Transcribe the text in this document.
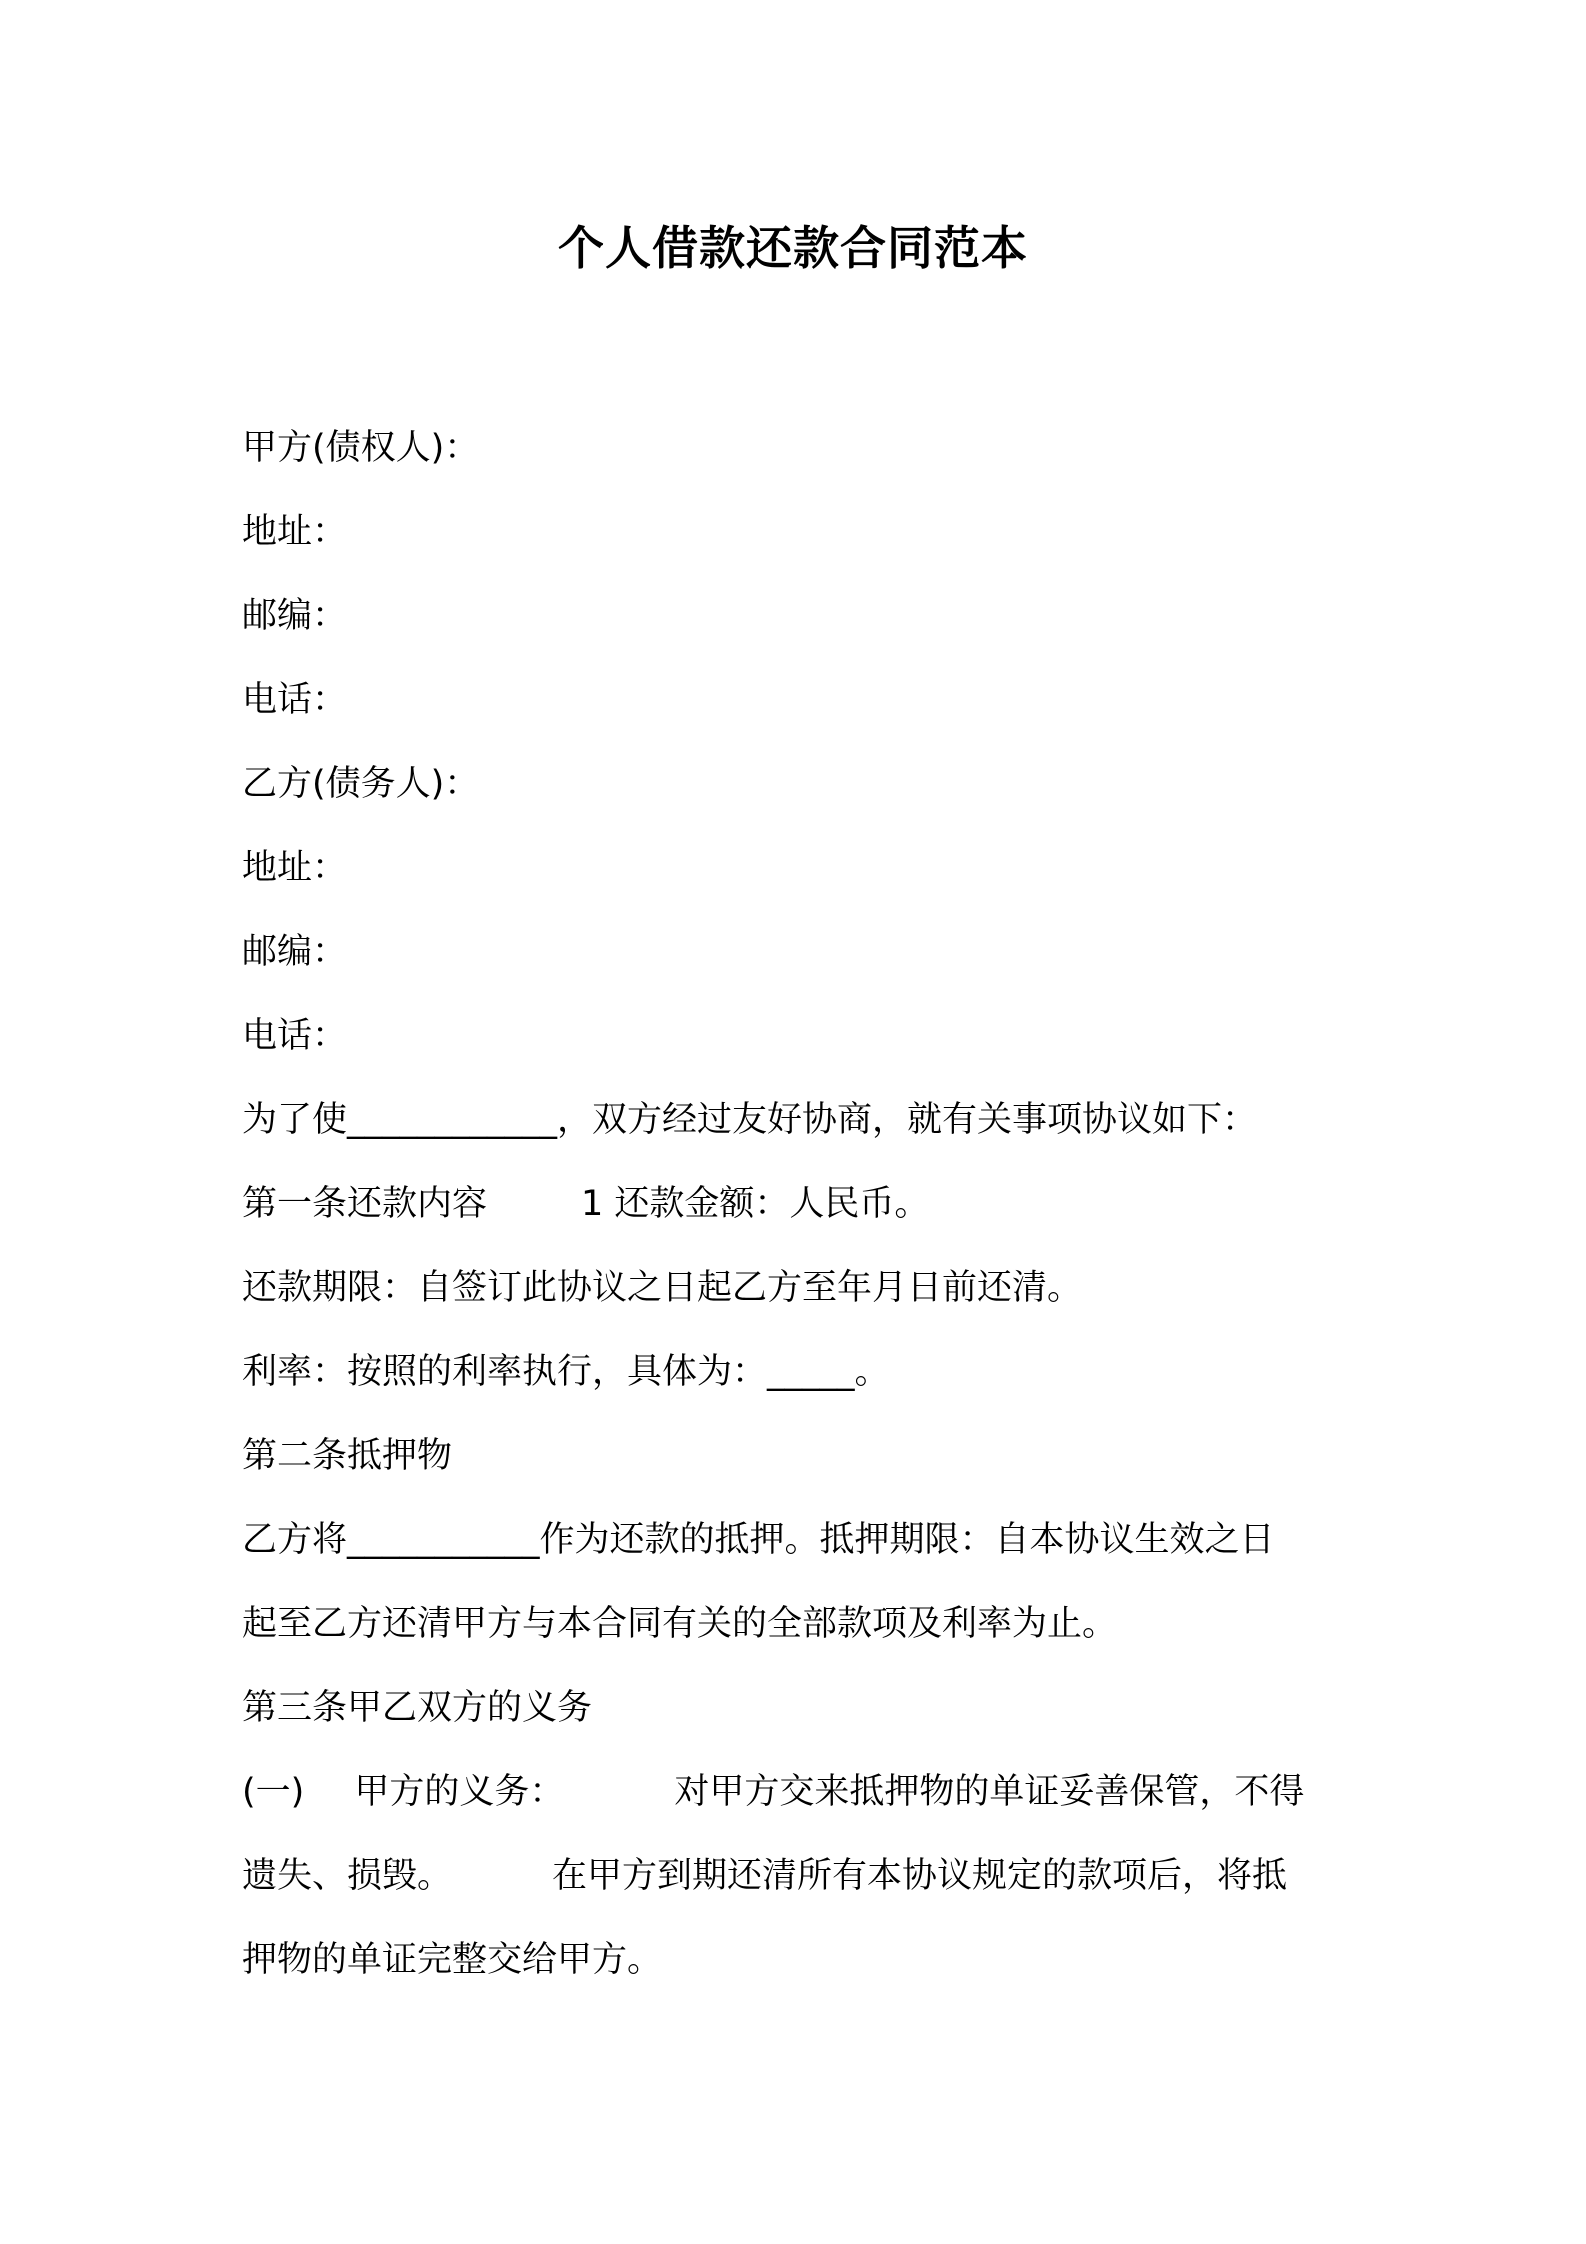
个人借款还款合同范本
甲方(债权人)：
地址：
邮编：
电话：
乙方(债务人)：
地址：
邮编：
电话：
为了使____________，双方经过友好协商，就有关事项协议如下：
第一条还款内容	1 还款金额：人民币。
还款期限：自签订此协议之日起乙方至年月日前还清。
利率：按照的利率执行，具体为：_____。
第二条抵押物
乙方将___________作为还款的抵押。抵押期限：自本协议生效之日
起至乙方还清甲方与本合同有关的全部款项及利率为止。
第三条甲乙双方的义务
(一) 甲方的义务：	对甲方交来抵押物的单证妥善保管，不得
遗失、损毁。	在甲方到期还清所有本协议规定的款项后，将抵
押物的单证完整交给甲方。
